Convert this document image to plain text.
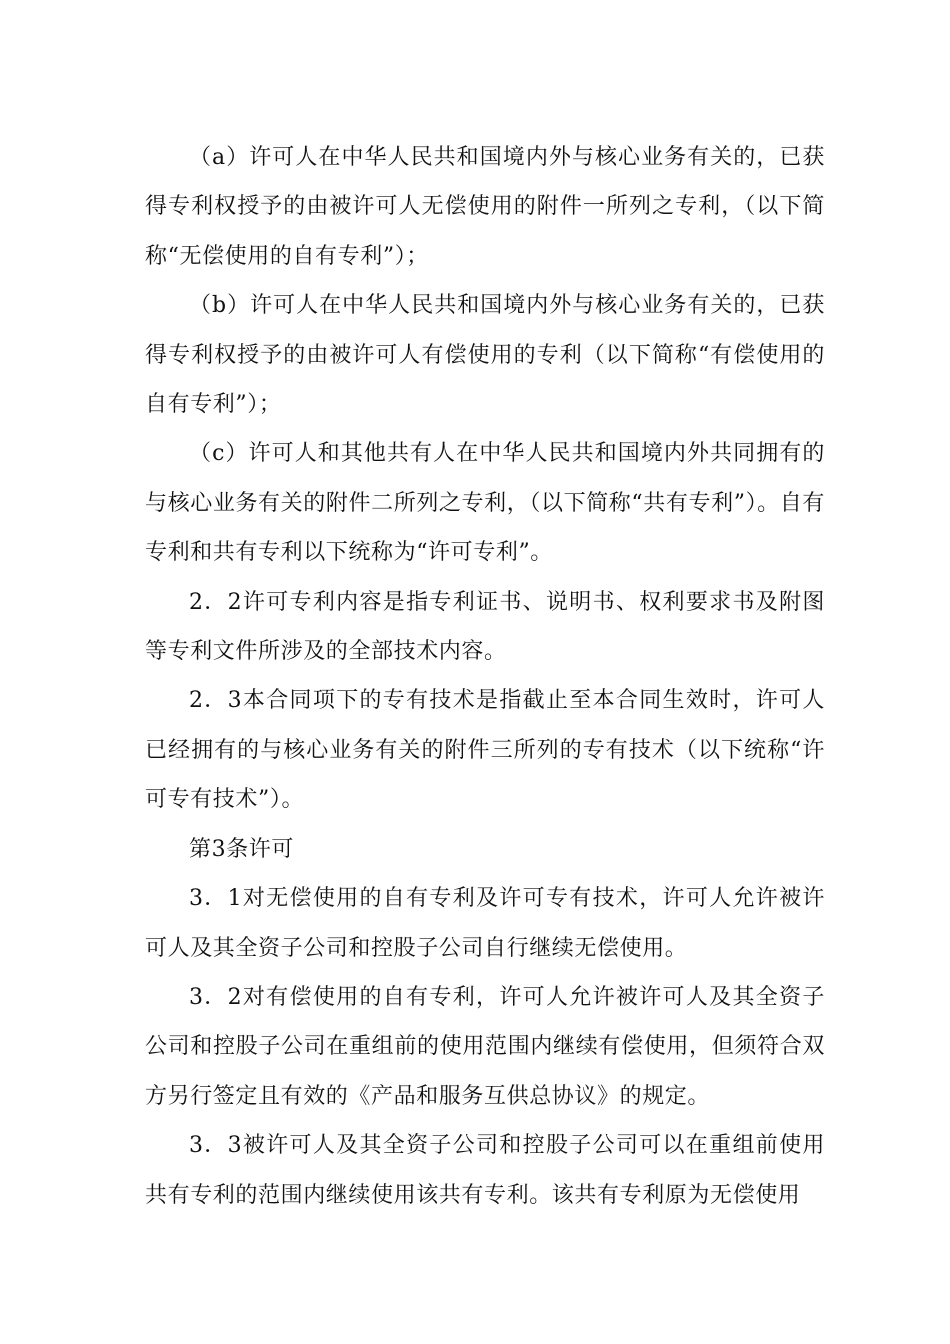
（a）许可人在中华人民共和国境内外与核心业务有关的，已获得专利权授予的由被许可人无偿使用的附件一所列之专利，（以下简称“无偿使用的自有专利”）；

（b）许可人在中华人民共和国境内外与核心业务有关的，已获得专利权授予的由被许可人有偿使用的专利（以下简称“有偿使用的自有专利”）；

（c）许可人和其他共有人在中华人民共和国境内外共同拥有的与核心业务有关的附件二所列之专利，（以下简称“共有专利”）。自有专利和共有专利以下统称为“许可专利”。

2．2许可专利内容是指专利证书、说明书、权利要求书及附图等专利文件所涉及的全部技术内容。

2．3本合同项下的专有技术是指截止至本合同生效时，许可人已经拥有的与核心业务有关的附件三所列的专有技术（以下统称“许可专有技术”）。

第3条许可

3．1对无偿使用的自有专利及许可专有技术，许可人允许被许可人及其全资子公司和控股子公司自行继续无偿使用。

3．2对有偿使用的自有专利，许可人允许被许可人及其全资子公司和控股子公司在重组前的使用范围内继续有偿使用，但须符合双方另行签定且有效的《产品和服务互供总协议》的规定。

3．3被许可人及其全资子公司和控股子公司可以在重组前使用共有专利的范围内继续使用该共有专利。该共有专利原为无偿使用
